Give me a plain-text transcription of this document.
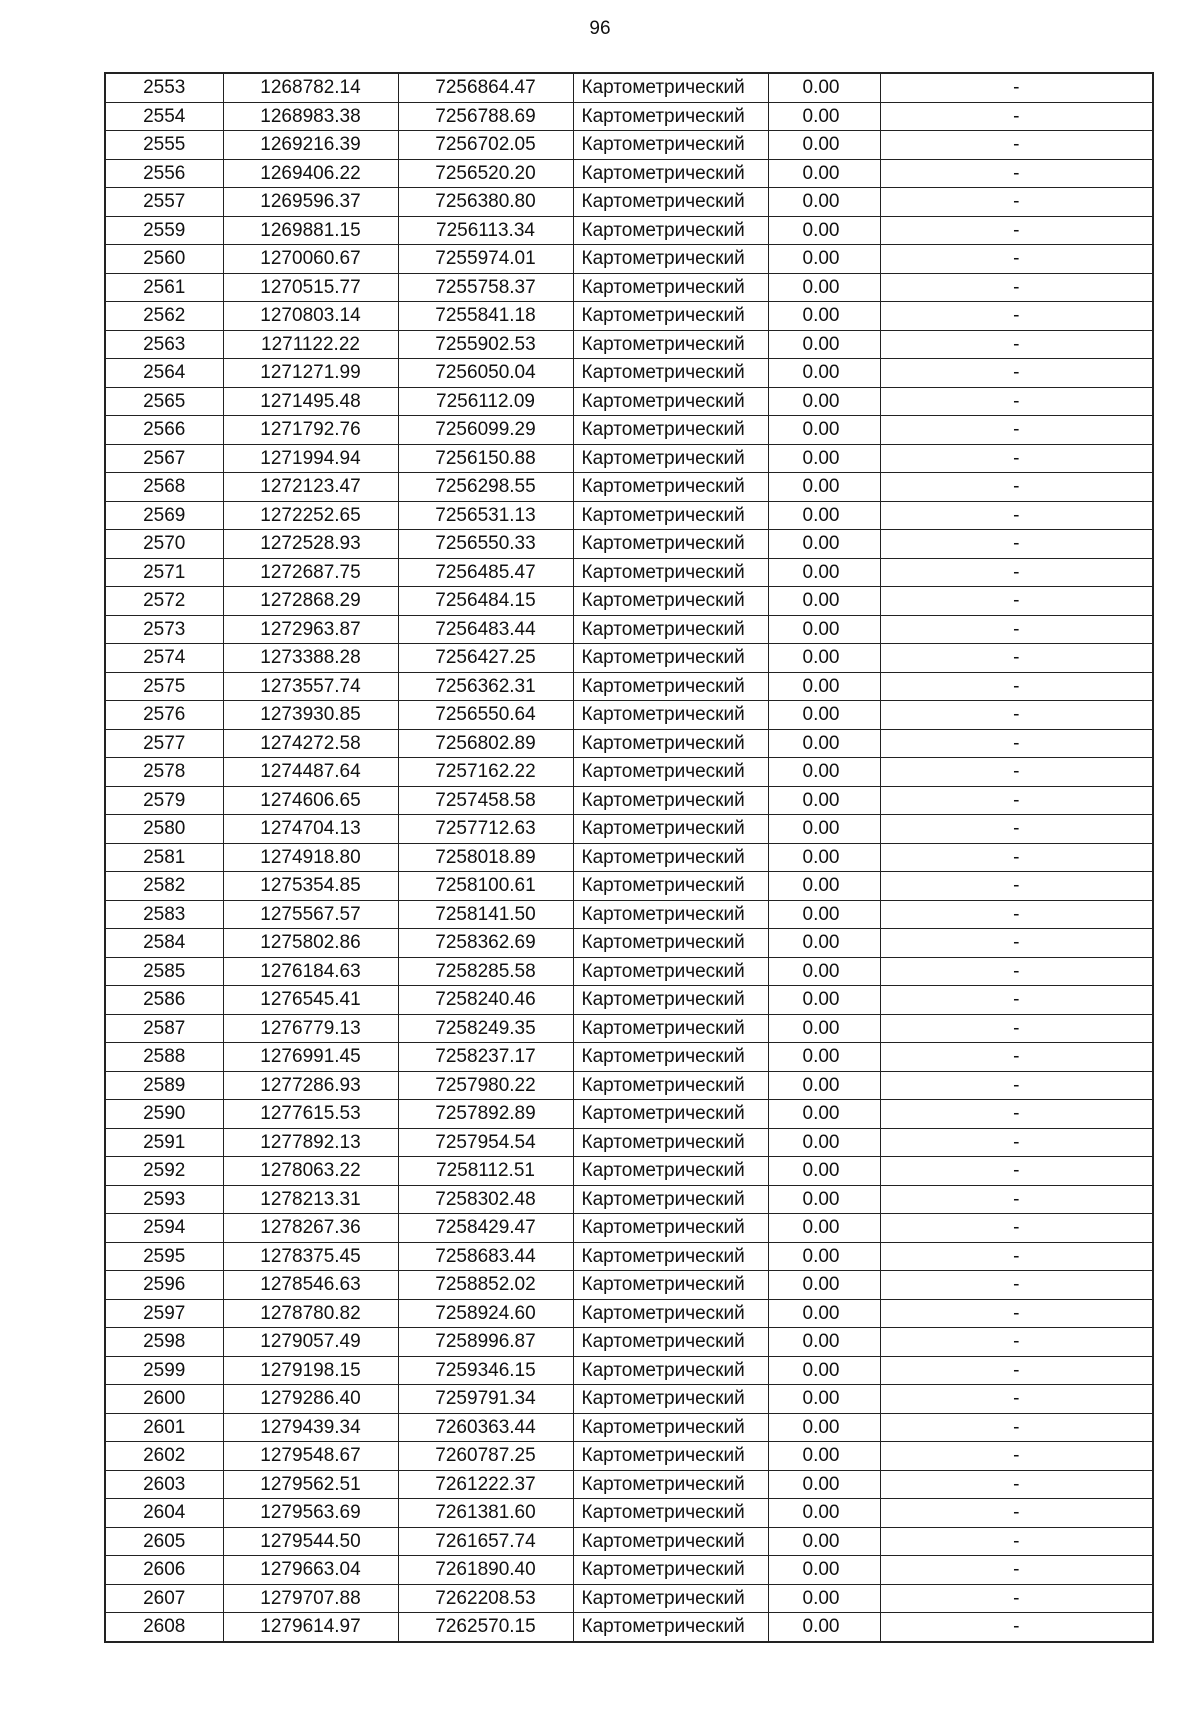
96
2553	1268782.14	7256864.47	Картометрический	0.00	-
2554	1268983.38	7256788.69	Картометрический	0.00	-
2555	1269216.39	7256702.05	Картометрический	0.00	-
2556	1269406.22	7256520.20	Картометрический	0.00	-
2557	1269596.37	7256380.80	Картометрический	0.00	-
2559	1269881.15	7256113.34	Картометрический	0.00	-
2560	1270060.67	7255974.01	Картометрический	0.00	-
2561	1270515.77	7255758.37	Картометрический	0.00	-
2562	1270803.14	7255841.18	Картометрический	0.00	-
2563	1271122.22	7255902.53	Картометрический	0.00	-
2564	1271271.99	7256050.04	Картометрический	0.00	-
2565	1271495.48	7256112.09	Картометрический	0.00	-
2566	1271792.76	7256099.29	Картометрический	0.00	-
2567	1271994.94	7256150.88	Картометрический	0.00	-
2568	1272123.47	7256298.55	Картометрический	0.00	-
2569	1272252.65	7256531.13	Картометрический	0.00	-
2570	1272528.93	7256550.33	Картометрический	0.00	-
2571	1272687.75	7256485.47	Картометрический	0.00	-
2572	1272868.29	7256484.15	Картометрический	0.00	-
2573	1272963.87	7256483.44	Картометрический	0.00	-
2574	1273388.28	7256427.25	Картометрический	0.00	-
2575	1273557.74	7256362.31	Картометрический	0.00	-
2576	1273930.85	7256550.64	Картометрический	0.00	-
2577	1274272.58	7256802.89	Картометрический	0.00	-
2578	1274487.64	7257162.22	Картометрический	0.00	-
2579	1274606.65	7257458.58	Картометрический	0.00	-
2580	1274704.13	7257712.63	Картометрический	0.00	-
2581	1274918.80	7258018.89	Картометрический	0.00	-
2582	1275354.85	7258100.61	Картометрический	0.00	-
2583	1275567.57	7258141.50	Картометрический	0.00	-
2584	1275802.86	7258362.69	Картометрический	0.00	-
2585	1276184.63	7258285.58	Картометрический	0.00	-
2586	1276545.41	7258240.46	Картометрический	0.00	-
2587	1276779.13	7258249.35	Картометрический	0.00	-
2588	1276991.45	7258237.17	Картометрический	0.00	-
2589	1277286.93	7257980.22	Картометрический	0.00	-
2590	1277615.53	7257892.89	Картометрический	0.00	-
2591	1277892.13	7257954.54	Картометрический	0.00	-
2592	1278063.22	7258112.51	Картометрический	0.00	-
2593	1278213.31	7258302.48	Картометрический	0.00	-
2594	1278267.36	7258429.47	Картометрический	0.00	-
2595	1278375.45	7258683.44	Картометрический	0.00	-
2596	1278546.63	7258852.02	Картометрический	0.00	-
2597	1278780.82	7258924.60	Картометрический	0.00	-
2598	1279057.49	7258996.87	Картометрический	0.00	-
2599	1279198.15	7259346.15	Картометрический	0.00	-
2600	1279286.40	7259791.34	Картометрический	0.00	-
2601	1279439.34	7260363.44	Картометрический	0.00	-
2602	1279548.67	7260787.25	Картометрический	0.00	-
2603	1279562.51	7261222.37	Картометрический	0.00	-
2604	1279563.69	7261381.60	Картометрический	0.00	-
2605	1279544.50	7261657.74	Картометрический	0.00	-
2606	1279663.04	7261890.40	Картометрический	0.00	-
2607	1279707.88	7262208.53	Картометрический	0.00	-
2608	1279614.97	7262570.15	Картометрический	0.00	-
